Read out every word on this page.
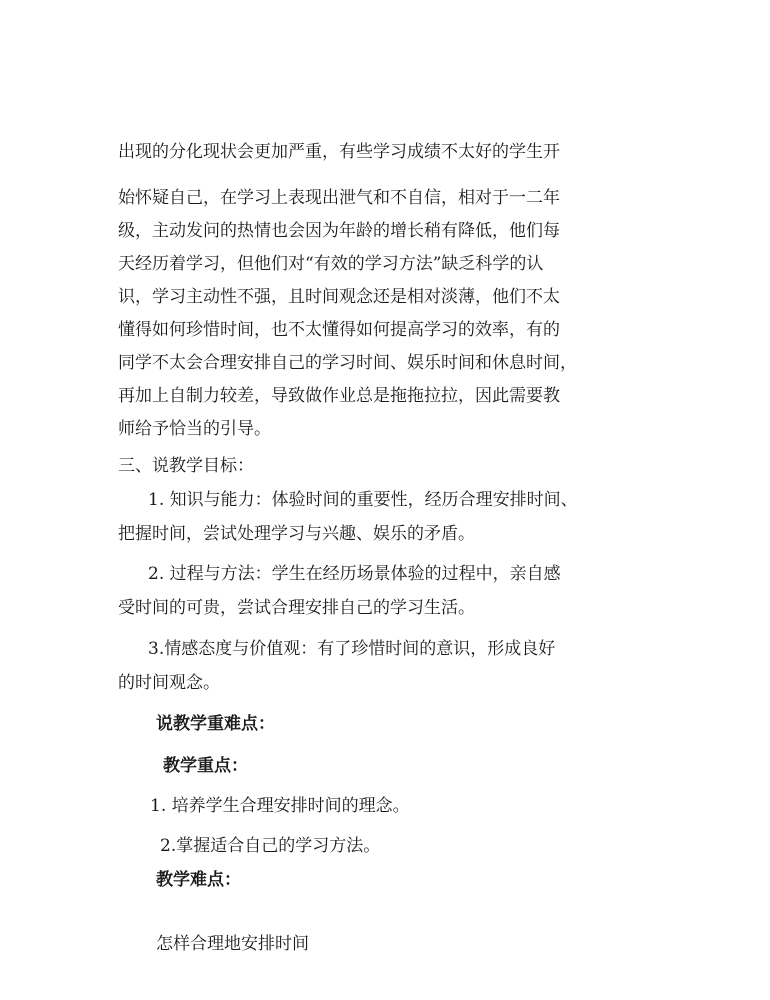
出现的分化现状会更加严重，有些学习成绩不太好的学生开

始怀疑自己，在学习上表现出泄气和不自信，相对于一二年

级，主动发问的热情也会因为年龄的增长稍有降低，他们每

天经历着学习，但他们对“有效的学习方法”缺乏科学的认

识，学习主动性不强，且时间观念还是相对淡薄，他们不太

懂得如何珍惜时间，也不太懂得如何提高学习的效率，有的

同学不太会合理安排自己的学习时间、娱乐时间和休息时间，

再加上自制力较差，导致做作业总是拖拖拉拉，因此需要教

师给予恰当的引导。

三、说教学目标：

1. 知识与能力：体验时间的重要性，经历合理安排时间、

把握时间，尝试处理学习与兴趣、娱乐的矛盾。

2. 过程与方法：学生在经历场景体验的过程中，亲自感

受时间的可贵，尝试合理安排自己的学习生活。

3.情感态度与价值观：有了珍惜时间的意识，形成良好

的时间观念。

说教学重难点：

教学重点：

1. 培养学生合理安排时间的理念。

2.掌握适合自己的学习方法。

教学难点：

怎样合理地安排时间
